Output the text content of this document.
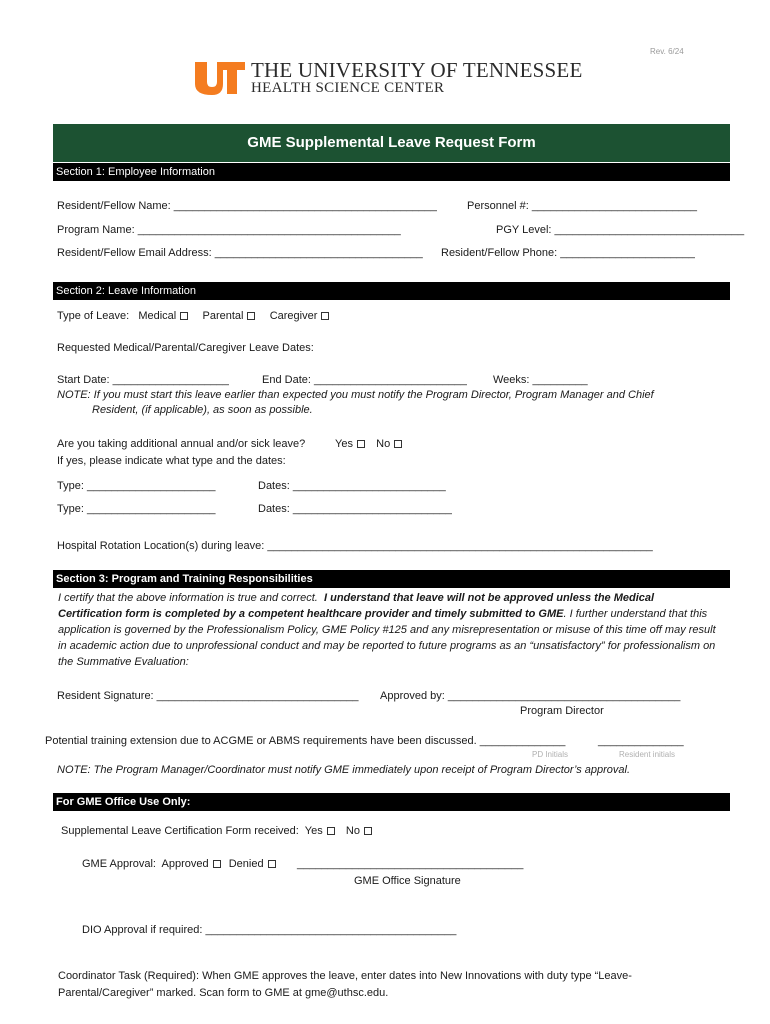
Rev. 6/24
THE UNIVERSITY OF TENNESSEE
HEALTH SCIENCE CENTER
GME Supplemental Leave Request Form
Section 1: Employee Information
Resident/Fellow Name: ___________________________________________	Personnel #: ___________________________
Program Name: ___________________________________________	PGY Level: _______________________________
Resident/Fellow Email Address: __________________________________ Resident/Fellow Phone: ______________________
Section 2: Leave Information
Type of Leave: Medical Parental Caregiver
Requested Medical/Parental/Caregiver Leave Dates:
Start Date: ___________________	End Date: _________________________ Weeks: _________
NOTE: If you must start this leave earlier than expected you must notify the Program Director, Program Manager and Chief
Resident, (if applicable), as soon as possible.
Are you taking additional annual and/or sick leave?	Yes No
If yes, please indicate what type and the dates:
Type: _____________________	Dates: _________________________
Type: _____________________	Dates: __________________________
Hospital Rotation Location(s) during leave: _______________________________________________________________
Section 3: Program and Training Responsibilities
I certify that the above information is true and correct. I understand that leave will not be approved unless the Medical Certification form is completed by a competent healthcare provider and timely submitted to GME. I further understand that this application is governed by the Professionalism Policy, GME Policy #125 and any misrepresentation or misuse of this time off may result in academic action due to unprofessional conduct and may be reported to future programs as an “unsatisfactory” for professionalism on the Summative Evaluation:
Resident Signature: _________________________________ Approved by: ______________________________________
Program Director
Potential training extension due to ACGME or ABMS requirements have been discussed. ______________	______________
PD Initials	Resident initials
NOTE: The Program Manager/Coordinator must notify GME immediately upon receipt of Program Director’s approval.
For GME Office Use Only:
Supplemental Leave Certification Form received: Yes No
GME Approval: Approved Denied	_____________________________________
GME Office Signature
DIO Approval if required: _________________________________________
Coordinator Task (Required): When GME approves the leave, enter dates into New Innovations with duty type “Leave-Parental/Caregiver” marked. Scan form to GME at gme@uthsc.edu.
